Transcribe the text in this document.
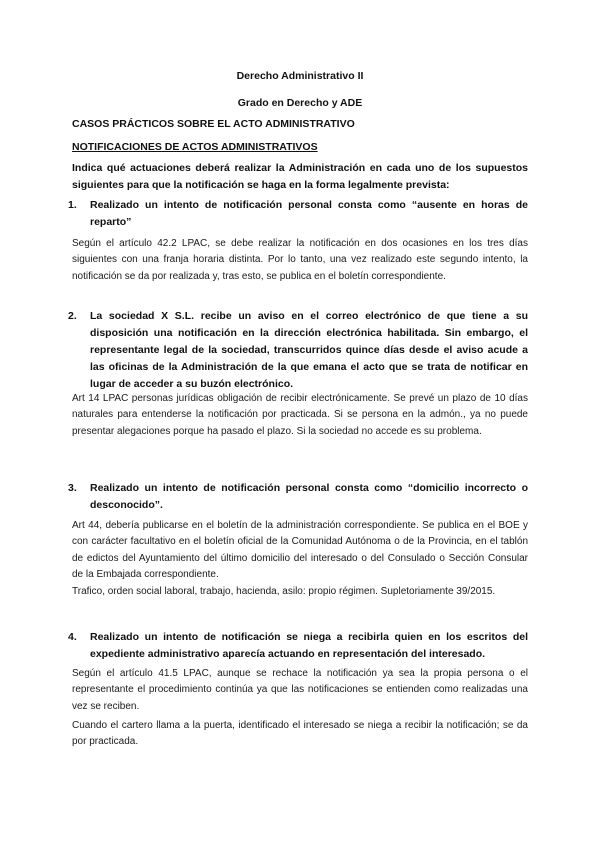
Derecho Administrativo II
Grado en Derecho y ADE
CASOS PRÁCTICOS SOBRE EL ACTO ADMINISTRATIVO
NOTIFICACIONES DE ACTOS ADMINISTRATIVOS
Indica qué actuaciones deberá realizar la Administración en cada uno de los supuestos siguientes para que la notificación se haga en la forma legalmente prevista:
1. Realizado un intento de notificación personal consta como “ausente en horas de reparto”
Según el artículo 42.2 LPAC, se debe realizar la notificación en dos ocasiones en los tres días siguientes con una franja horaria distinta. Por lo tanto, una vez realizado este segundo intento, la notificación se da por realizada y, tras esto, se publica en el boletín correspondiente.
2. La sociedad X S.L. recibe un aviso en el correo electrónico de que tiene a su disposición una notificación en la dirección electrónica habilitada. Sin embargo, el representante legal de la sociedad, transcurridos quince días desde el aviso acude a las oficinas de la Administración de la que emana el acto que se trata de notificar en lugar de acceder a su buzón electrónico.
Art 14 LPAC personas jurídicas obligación de recibir electrónicamente. Se prevé un plazo de 10 días naturales para entenderse la notificación por practicada. Si se persona en la admón., ya no puede presentar alegaciones porque ha pasado el plazo. Si la sociedad no accede es su problema.
3. Realizado un intento de notificación personal consta como “domicilio incorrecto o desconocido”.
Art 44, debería publicarse en el boletín de la administración correspondiente. Se publica en el BOE y con carácter facultativo en el boletín oficial de la Comunidad Autónoma o de la Provincia, en el tablón de edictos del Ayuntamiento del último domicilio del interesado o del Consulado o Sección Consular de la Embajada correspondiente.
Trafico, orden social laboral, trabajo, hacienda, asilo: propio régimen. Supletoriamente 39/2015.
4. Realizado un intento de notificación se niega a recibirla quien en los escritos del expediente administrativo aparecía actuando en representación del interesado.
Según el artículo 41.5 LPAC, aunque se rechace la notificación ya sea la propia persona o el representante el procedimiento continúa ya que las notificaciones se entienden como realizadas una vez se reciben.
Cuando el cartero llama a la puerta, identificado el interesado se niega a recibir la notificación; se da por practicada.
